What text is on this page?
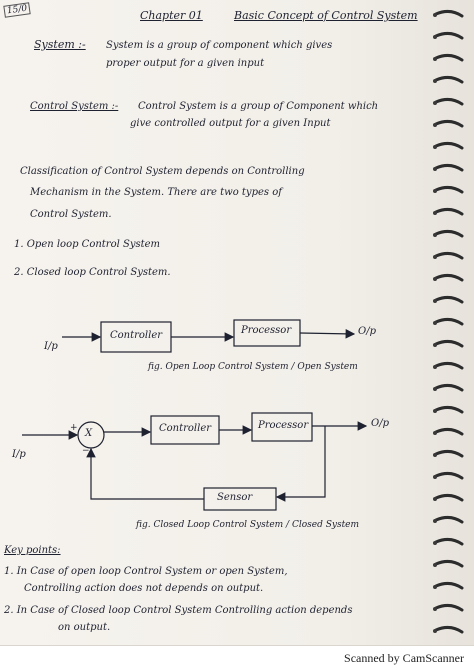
15/0	Chapter 01	Basic Concept of Control System
System :- System is a group of component which gives
proper output for a given input
Control System :- Control System is a group of Component which
give controlled output for a given Input
Classification of Control System depends on Controlling
Mechanism in the System. There are two types of
Control System.
1. Open loop Control System
2. Closed loop Control System.
I/p
Controller	Processor	O/p
fig. Open Loop Control System / Open System
I/p
X
+
−
Controller	Processor	O/p
Sensor
fig. Closed Loop Control System / Closed System
Key points:
1. In Case of open loop Control System or open System,
Controlling action does not depends on output.
2. In Case of Closed loop Control System Controlling action depends
on output.
Scanned by CamScanner
